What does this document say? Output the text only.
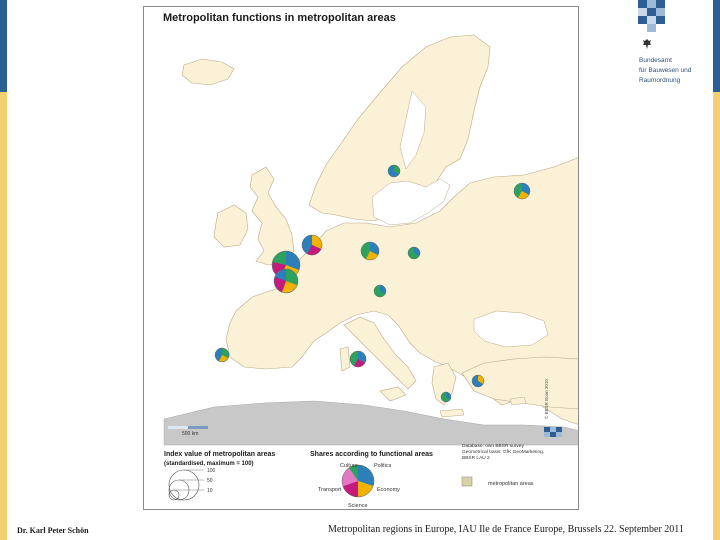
Bundesamt
für Bauwesen und
Raumordnung
500 km
© BBSR Bonn 2010
Index value of metropolitan areas
(standardised, maximum = 100)
100
50
10
Shares according to functional areas
Culture	Politics
Transport	Economy
Science
Database: own BBSR survey
Geometrical basis: GfK GeoMarketing,
BBSR LAU 2
metropolitan areas
Metropolitan functions in metropolitan areas
Dr. Karl Peter Schön	Metropolitan regions in Europe, IAU Ile de France Europe, Brussels 22. September 2011
